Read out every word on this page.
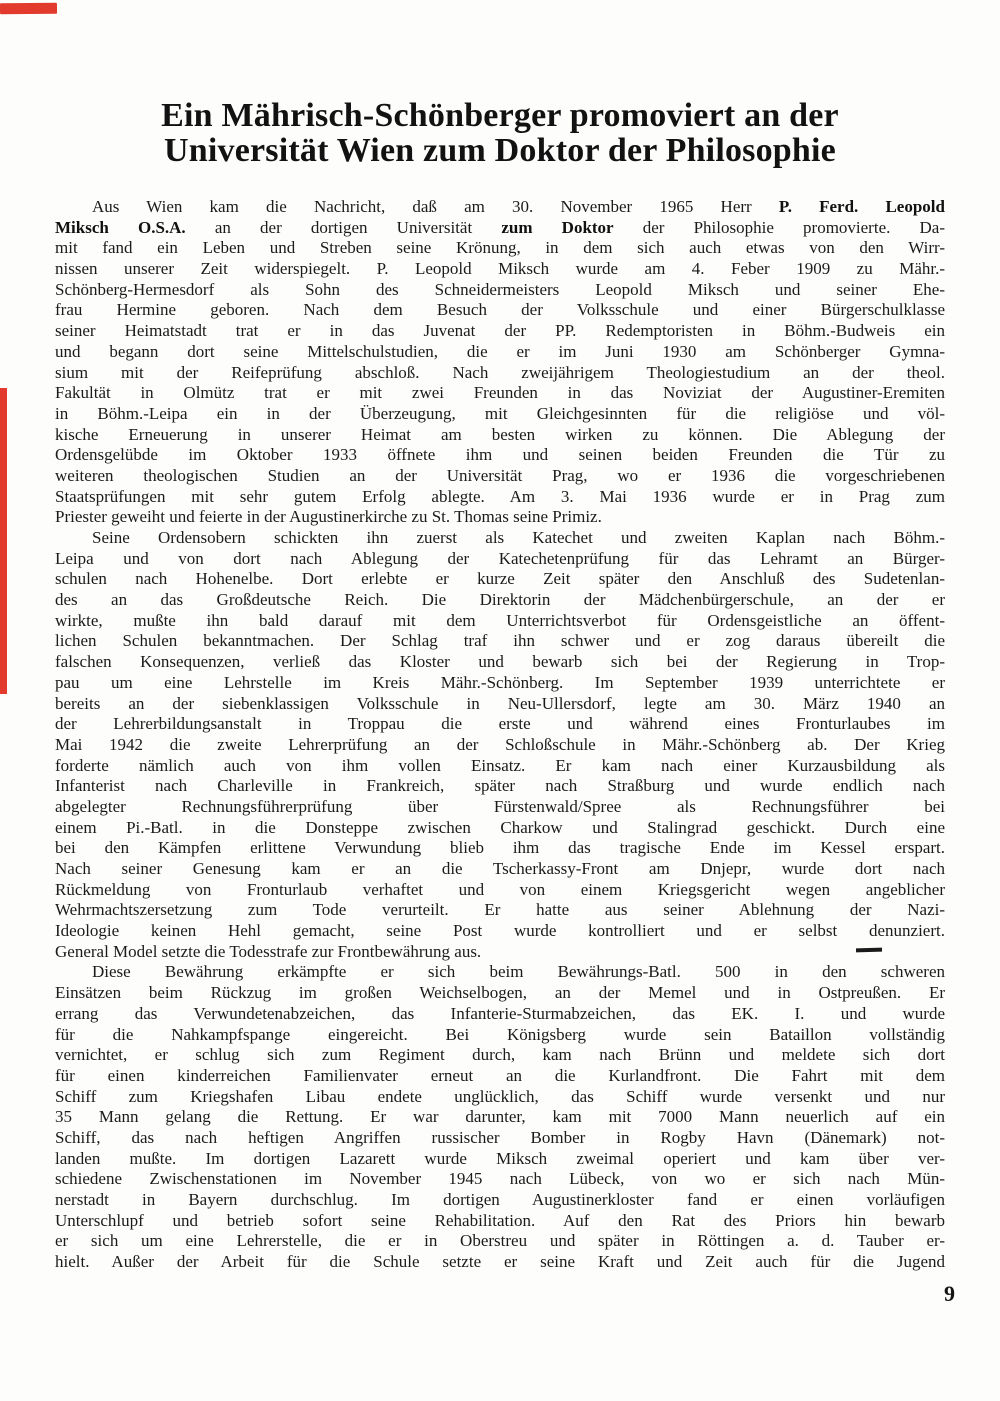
Ein Mährisch-Schönberger promoviert an der
Universität Wien zum Doktor der Philosophie
Aus Wien kam die Nachricht, daß am 30. November 1965 Herr P. Ferd. Leopold
Miksch O.S.A. an der dortigen Universität zum Doktor der Philosophie promovierte. Da-
mit fand ein Leben und Streben seine Krönung, in dem sich auch etwas von den Wirr-
nissen unserer Zeit widerspiegelt. P. Leopold Miksch wurde am 4. Feber 1909 zu Mähr.-
Schönberg-Hermesdorf als Sohn des Schneidermeisters Leopold Miksch und seiner Ehe-
frau Hermine geboren. Nach dem Besuch der Volksschule und einer Bürgerschulklasse
seiner Heimatstadt trat er in das Juvenat der PP. Redemptoristen in Böhm.-Budweis ein
und begann dort seine Mittelschulstudien, die er im Juni 1930 am Schönberger Gymna-
sium mit der Reifeprüfung abschloß. Nach zweijährigem Theologiestudium an der theol.
Fakultät in Olmütz trat er mit zwei Freunden in das Noviziat der Augustiner-Eremiten
in Böhm.-Leipa ein in der Überzeugung, mit Gleichgesinnten für die religiöse und völ-
kische Erneuerung in unserer Heimat am besten wirken zu können. Die Ablegung der
Ordensgelübde im Oktober 1933 öffnete ihm und seinen beiden Freunden die Tür zu
weiteren theologischen Studien an der Universität Prag, wo er 1936 die vorgeschriebenen
Staatsprüfungen mit sehr gutem Erfolg ablegte. Am 3. Mai 1936 wurde er in Prag zum
Priester geweiht und feierte in der Augustinerkirche zu St. Thomas seine Primiz.
Seine Ordensobern schickten ihn zuerst als Katechet und zweiten Kaplan nach Böhm.-
Leipa und von dort nach Ablegung der Katechetenprüfung für das Lehramt an Bürger-
schulen nach Hohenelbe. Dort erlebte er kurze Zeit später den Anschluß des Sudetenlan-
des an das Großdeutsche Reich. Die Direktorin der Mädchenbürgerschule, an der er
wirkte, mußte ihn bald darauf mit dem Unterrichtsverbot für Ordensgeistliche an öffent-
lichen Schulen bekanntmachen. Der Schlag traf ihn schwer und er zog daraus übereilt die
falschen Konsequenzen, verließ das Kloster und bewarb sich bei der Regierung in Trop-
pau um eine Lehrstelle im Kreis Mähr.-Schönberg. Im September 1939 unterrichtete er
bereits an der siebenklassigen Volksschule in Neu-Ullersdorf, legte am 30. März 1940 an
der Lehrerbildungsanstalt in Troppau die erste und während eines Fronturlaubes im
Mai 1942 die zweite Lehrerprüfung an der Schloßschule in Mähr.-Schönberg ab. Der Krieg
forderte nämlich auch von ihm vollen Einsatz. Er kam nach einer Kurzausbildung als
Infanterist nach Charleville in Frankreich, später nach Straßburg und wurde endlich nach
abgelegter Rechnungsführerprüfung über Fürstenwald/Spree als Rechnungsführer bei
einem Pi.-Batl. in die Donsteppe zwischen Charkow und Stalingrad geschickt. Durch eine
bei den Kämpfen erlittene Verwundung blieb ihm das tragische Ende im Kessel erspart.
Nach seiner Genesung kam er an die Tscherkassy-Front am Dnjepr, wurde dort nach
Rückmeldung von Fronturlaub verhaftet und von einem Kriegsgericht wegen angeblicher
Wehrmachtszersetzung zum Tode verurteilt. Er hatte aus seiner Ablehnung der Nazi-
Ideologie keinen Hehl gemacht, seine Post wurde kontrolliert und er selbst denunziert.
General Model setzte die Todesstrafe zur Frontbewährung aus.
Diese Bewährung erkämpfte er sich beim Bewährungs-Batl. 500 in den schweren
Einsätzen beim Rückzug im großen Weichselbogen, an der Memel und in Ostpreußen. Er
errang das Verwundetenabzeichen, das Infanterie-Sturmabzeichen, das EK. I. und wurde
für die Nahkampfspange eingereicht. Bei Königsberg wurde sein Bataillon vollständig
vernichtet, er schlug sich zum Regiment durch, kam nach Brünn und meldete sich dort
für einen kinderreichen Familienvater erneut an die Kurlandfront. Die Fahrt mit dem
Schiff zum Kriegshafen Libau endete unglücklich, das Schiff wurde versenkt und nur
35 Mann gelang die Rettung. Er war darunter, kam mit 7000 Mann neuerlich auf ein
Schiff, das nach heftigen Angriffen russischer Bomber in Rogby Havn (Dänemark) not-
landen mußte. Im dortigen Lazarett wurde Miksch zweimal operiert und kam über ver-
schiedene Zwischenstationen im November 1945 nach Lübeck, von wo er sich nach Mün-
nerstadt in Bayern durchschlug. Im dortigen Augustinerkloster fand er einen vorläufigen
Unterschlupf und betrieb sofort seine Rehabilitation. Auf den Rat des Priors hin bewarb
er sich um eine Lehrerstelle, die er in Oberstreu und später in Röttingen a. d. Tauber er-
hielt. Außer der Arbeit für die Schule setzte er seine Kraft und Zeit auch für die Jugend
9
